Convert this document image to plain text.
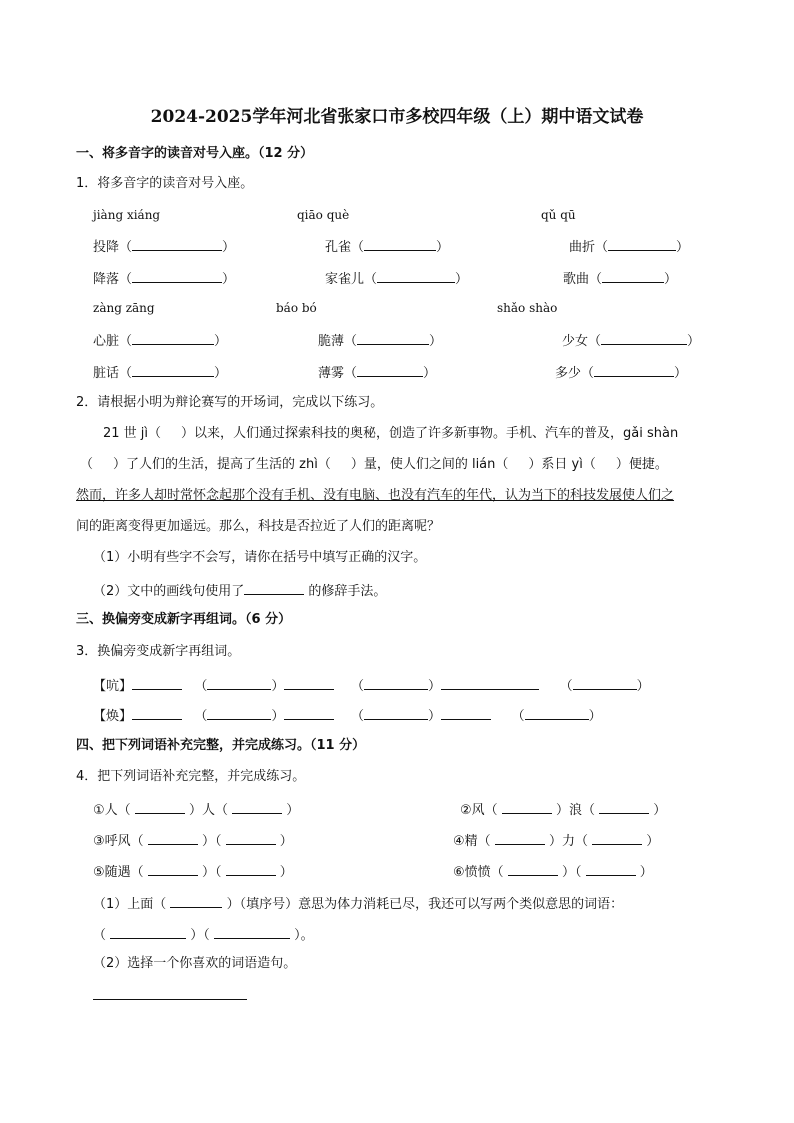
2024-2025学年河北省张家口市多校四年级（上）期中语文试卷
一、将多音字的读音对号入座。（12 分）
1．将多音字的读音对号入座。
jiàng xiáng	qiāo què	qǔ qū
投降（	）	孔雀（	）	曲折（	）
降落（	）	家雀儿（	）	歌曲（	）
zàng zāng	báo bó	shǎo shào
心脏（	）	脆薄（	）	少女（	）
脏话（	）	薄雾（	）	多少（	）
2．请根据小明为辩论赛写的开场词，完成以下练习。
21 世 jì（ ）以来，人们通过探索科技的奥秘，创造了许多新事物。手机、汽车的普及，gǎi shàn
（ ）了人们的生活，提高了生活的 zhì（ ）量，使人们之间的 lián（ ）系日 yì（ ）便捷。
然而，许多人却时常怀念起那个没有手机、没有电脑、也没有汽车的年代，认为当下的科技发展使人们之
间的距离变得更加遥远。那么，科技是否拉近了人们的距离呢？
（1）小明有些字不会写，请你在括号中填写正确的汉字。
（2）文中的画线句使用了	的修辞手法。
三、换偏旁变成新字再组词。（6 分）
3．换偏旁变成新字再组词。
【吭】	（	）	（	）	（	）
【焕】	（	）	（	）	（	）
四、把下列词语补充完整，并完成练习。（11 分）
4．把下列词语补充完整，并完成练习。
①人（	）人（	）	②风（	）浪（	）
③呼风（	）（	）	④精（	）力（	）
⑤随遇（	）（	）	⑥愤愤（	）（	）
（1）上面（	）（填序号）意思为体力消耗已尽，我还可以写两个类似意思的词语：
（	）（	）。
（2）选择一个你喜欢的词语造句。
